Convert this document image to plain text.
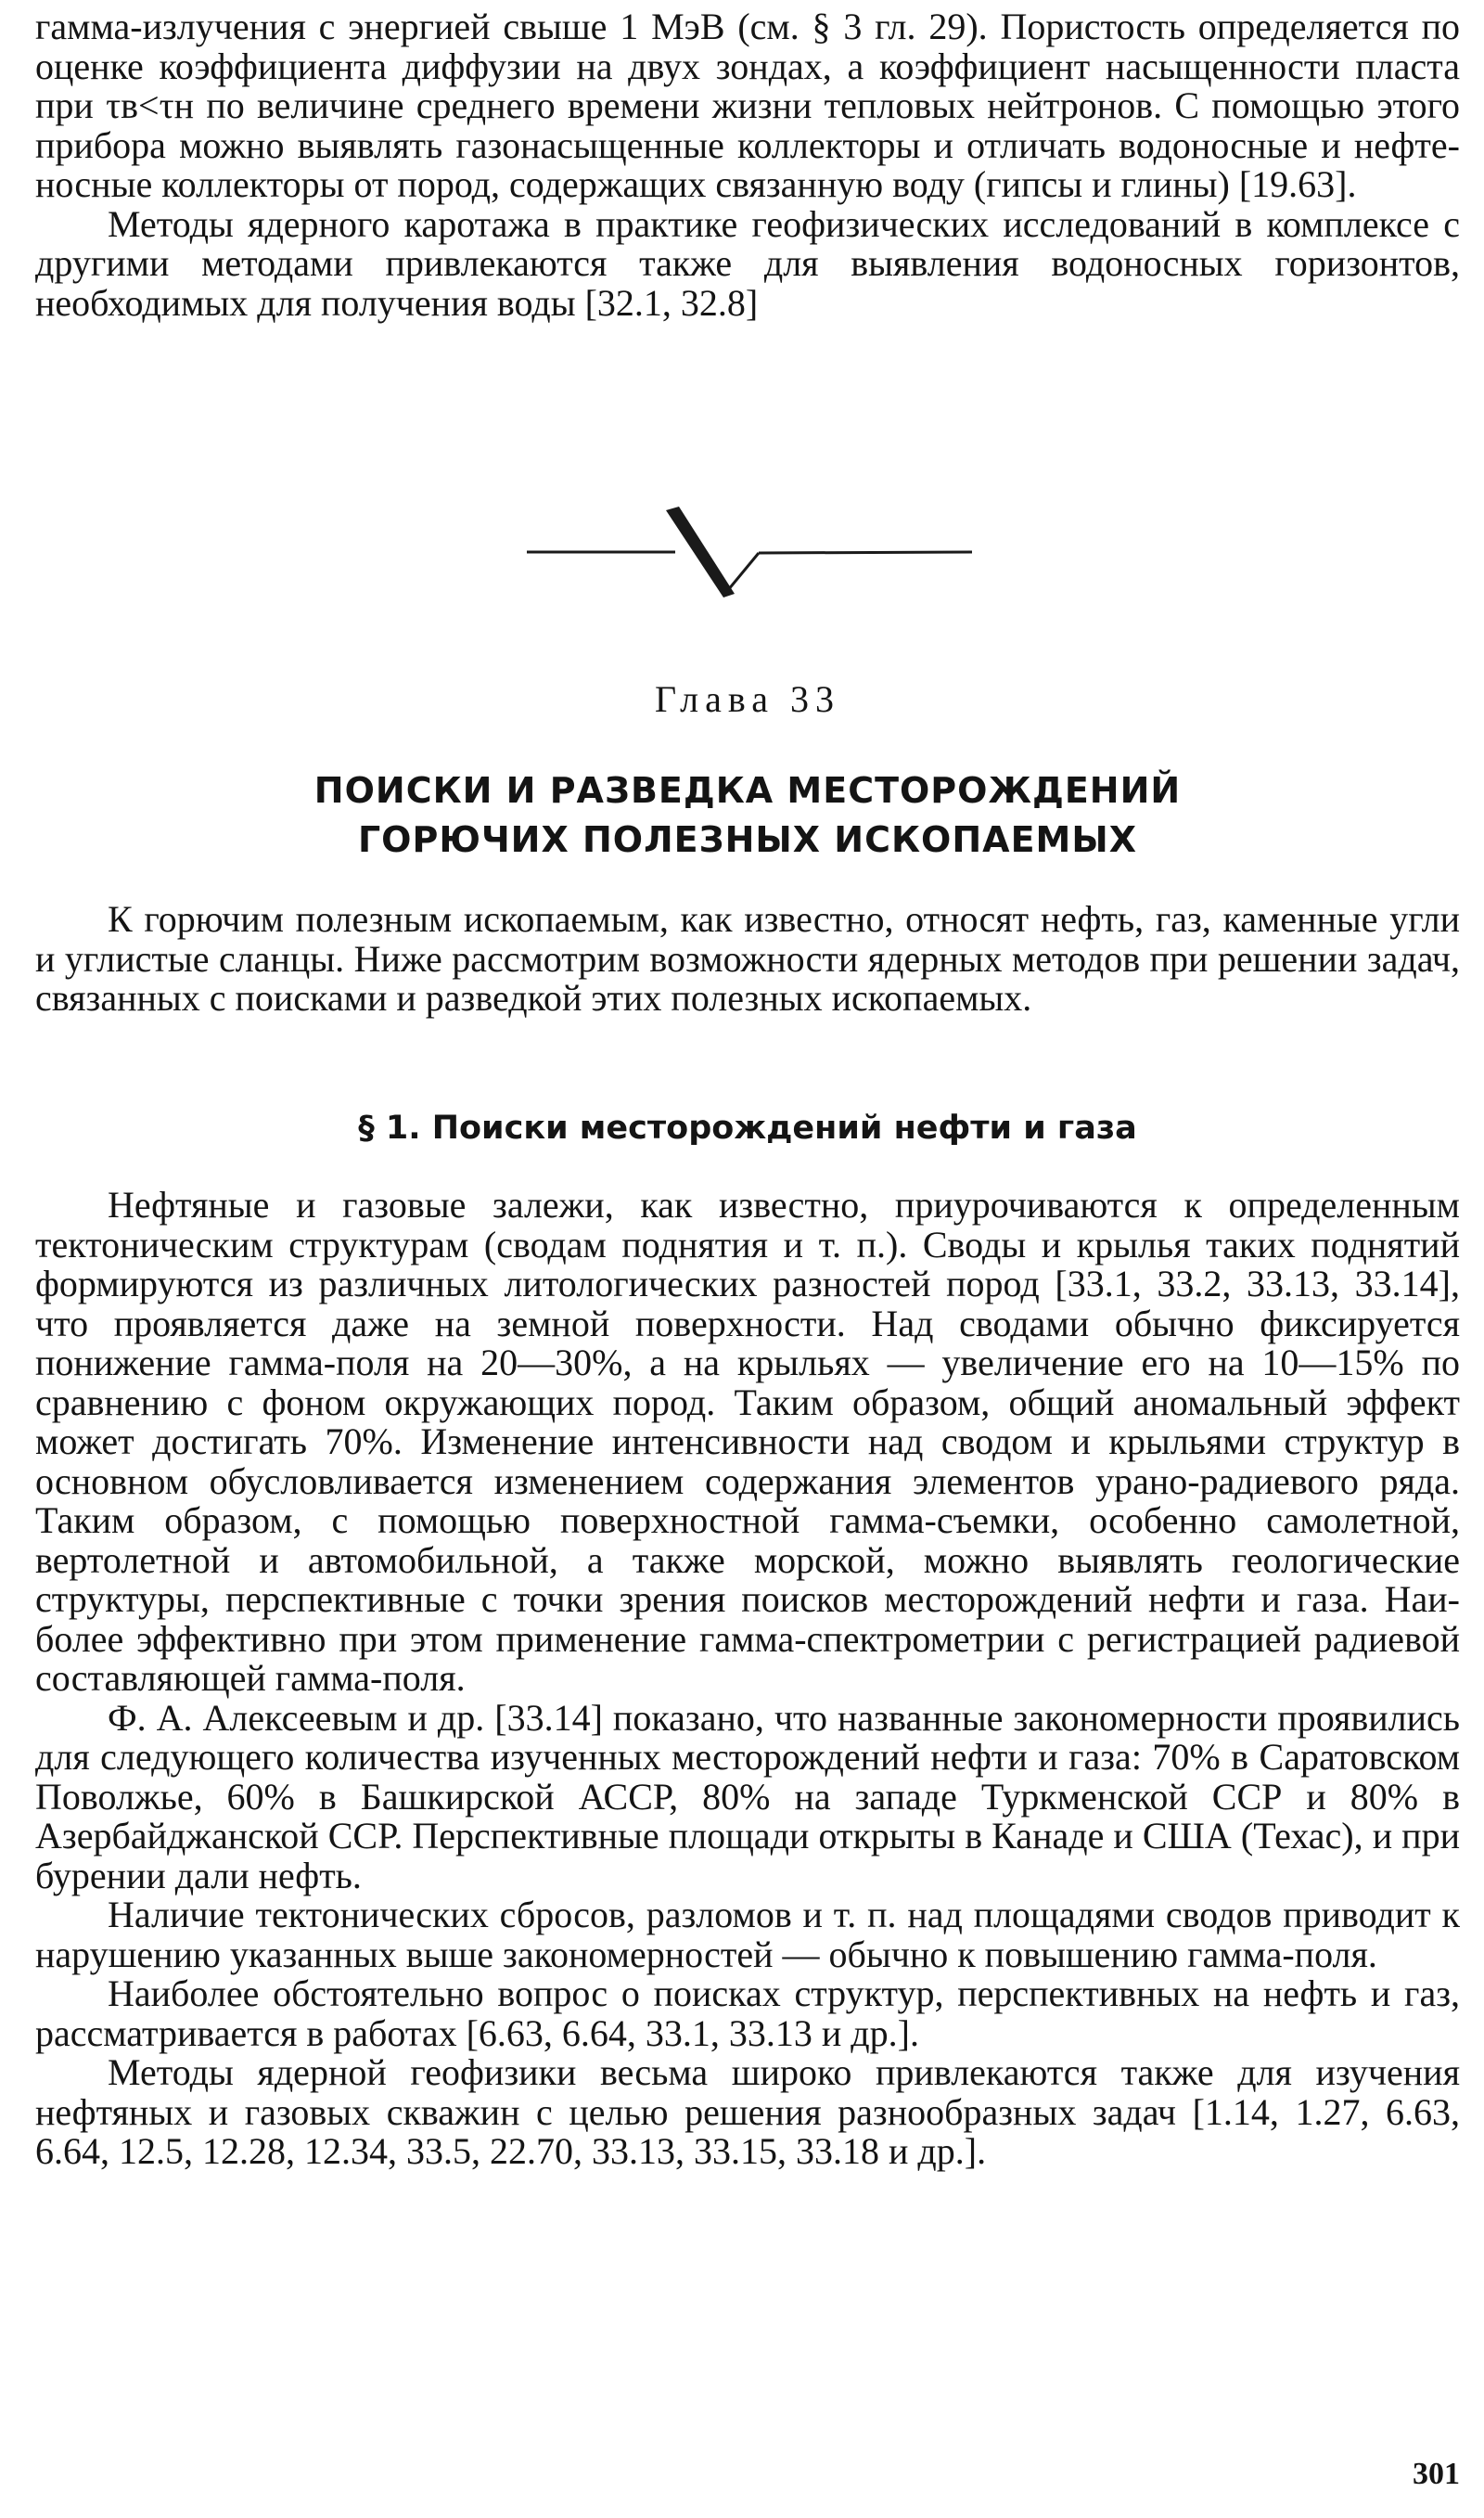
гамма-излучения с энергией свыше 1 МэВ (см. § 3 гл. 29). Пористость определяется по оценке коэффициента диффузии на двух зондах, а коэффициент насыщенности пласта при τв<τн по величине среднего времени жизни тепловых нейтронов. С помощью этого прибора можно выявлять газонасыщенные коллекторы и отличать водоносные и нефтеносные коллекторы от пород, содержащих связанную воду (гипсы и глины) [19.63].

Методы ядерного каротажа в практике геофизических исследований в комплексе с другими методами привлекаются также для выявления водоносных горизонтов, необходимых для получения воды [32.1, 32.8]

Глава 33
ПОИСКИ И РАЗВЕДКА МЕСТОРОЖДЕНИЙ
ГОРЮЧИХ ПОЛЕЗНЫХ ИСКОПАЕМЫХ

К горючим полезным ископаемым, как известно, относят нефть, газ, каменные угли и углистые сланцы. Ниже рассмотрим возможности ядерных методов при решении задач, связанных с поисками и разведкой этих полезных ископаемых.

§ 1. Поиски месторождений нефти и газа

Нефтяные и газовые залежи, как известно, приурочиваются к определенным тектоническим структурам (сводам поднятия и т. п.). Своды и крылья таких поднятий формируются из различных литологических разностей пород [33.1, 33.2, 33.13, 33.14], что проявляется даже на земной поверхности. Над сводами обычно фиксируется понижение гамма-поля на 20—30%, а на крыльях — увеличение его на 10—15% по сравнению с фоном окружающих пород. Таким образом, общий аномальный эффект может достигать 70%. Изменение интенсивности над сводом и крыльями структур в основном обусловливается изменением содержания элементов урано-радиевого ряда. Таким образом, с помощью поверхностной гамма-съемки, особенно самолетной, вертолетной и автомобильной, а также морской, можно выявлять геологические структуры, перспективные с точки зрения поисков месторождений нефти и газа. Наиболее эффективно при этом применение гамма-спектрометрии с регистрацией радиевой составляющей гамма-поля.

Ф. А. Алексеевым и др. [33.14] показано, что названные закономерности проявились для следующего количества изученных месторождений нефти и газа: 70% в Саратовском Поволжье, 60% в Башкирской АССР, 80% на западе Туркменской ССР и 80% в Азербайджанской ССР. Перспективные площади открыты в Канаде и США (Техас), и при бурении дали нефть.

Наличие тектонических сбросов, разломов и т. п. над площадями сводов приводит к нарушению указанных выше закономерностей — обычно к повышению гамма-поля.

Наиболее обстоятельно вопрос о поисках структур, перспективных на нефть и газ, рассматривается в работах [6.63, 6.64, 33.1, 33.13 и др.].

Методы ядерной геофизики весьма широко привлекаются также для изучения нефтяных и газовых скважин с целью решения разнообразных задач [1.14, 1.27, 6.63, 6.64, 12.5, 12.28, 12.34, 33.5, 22.70, 33.13, 33.15, 33.18 и др.].

301
